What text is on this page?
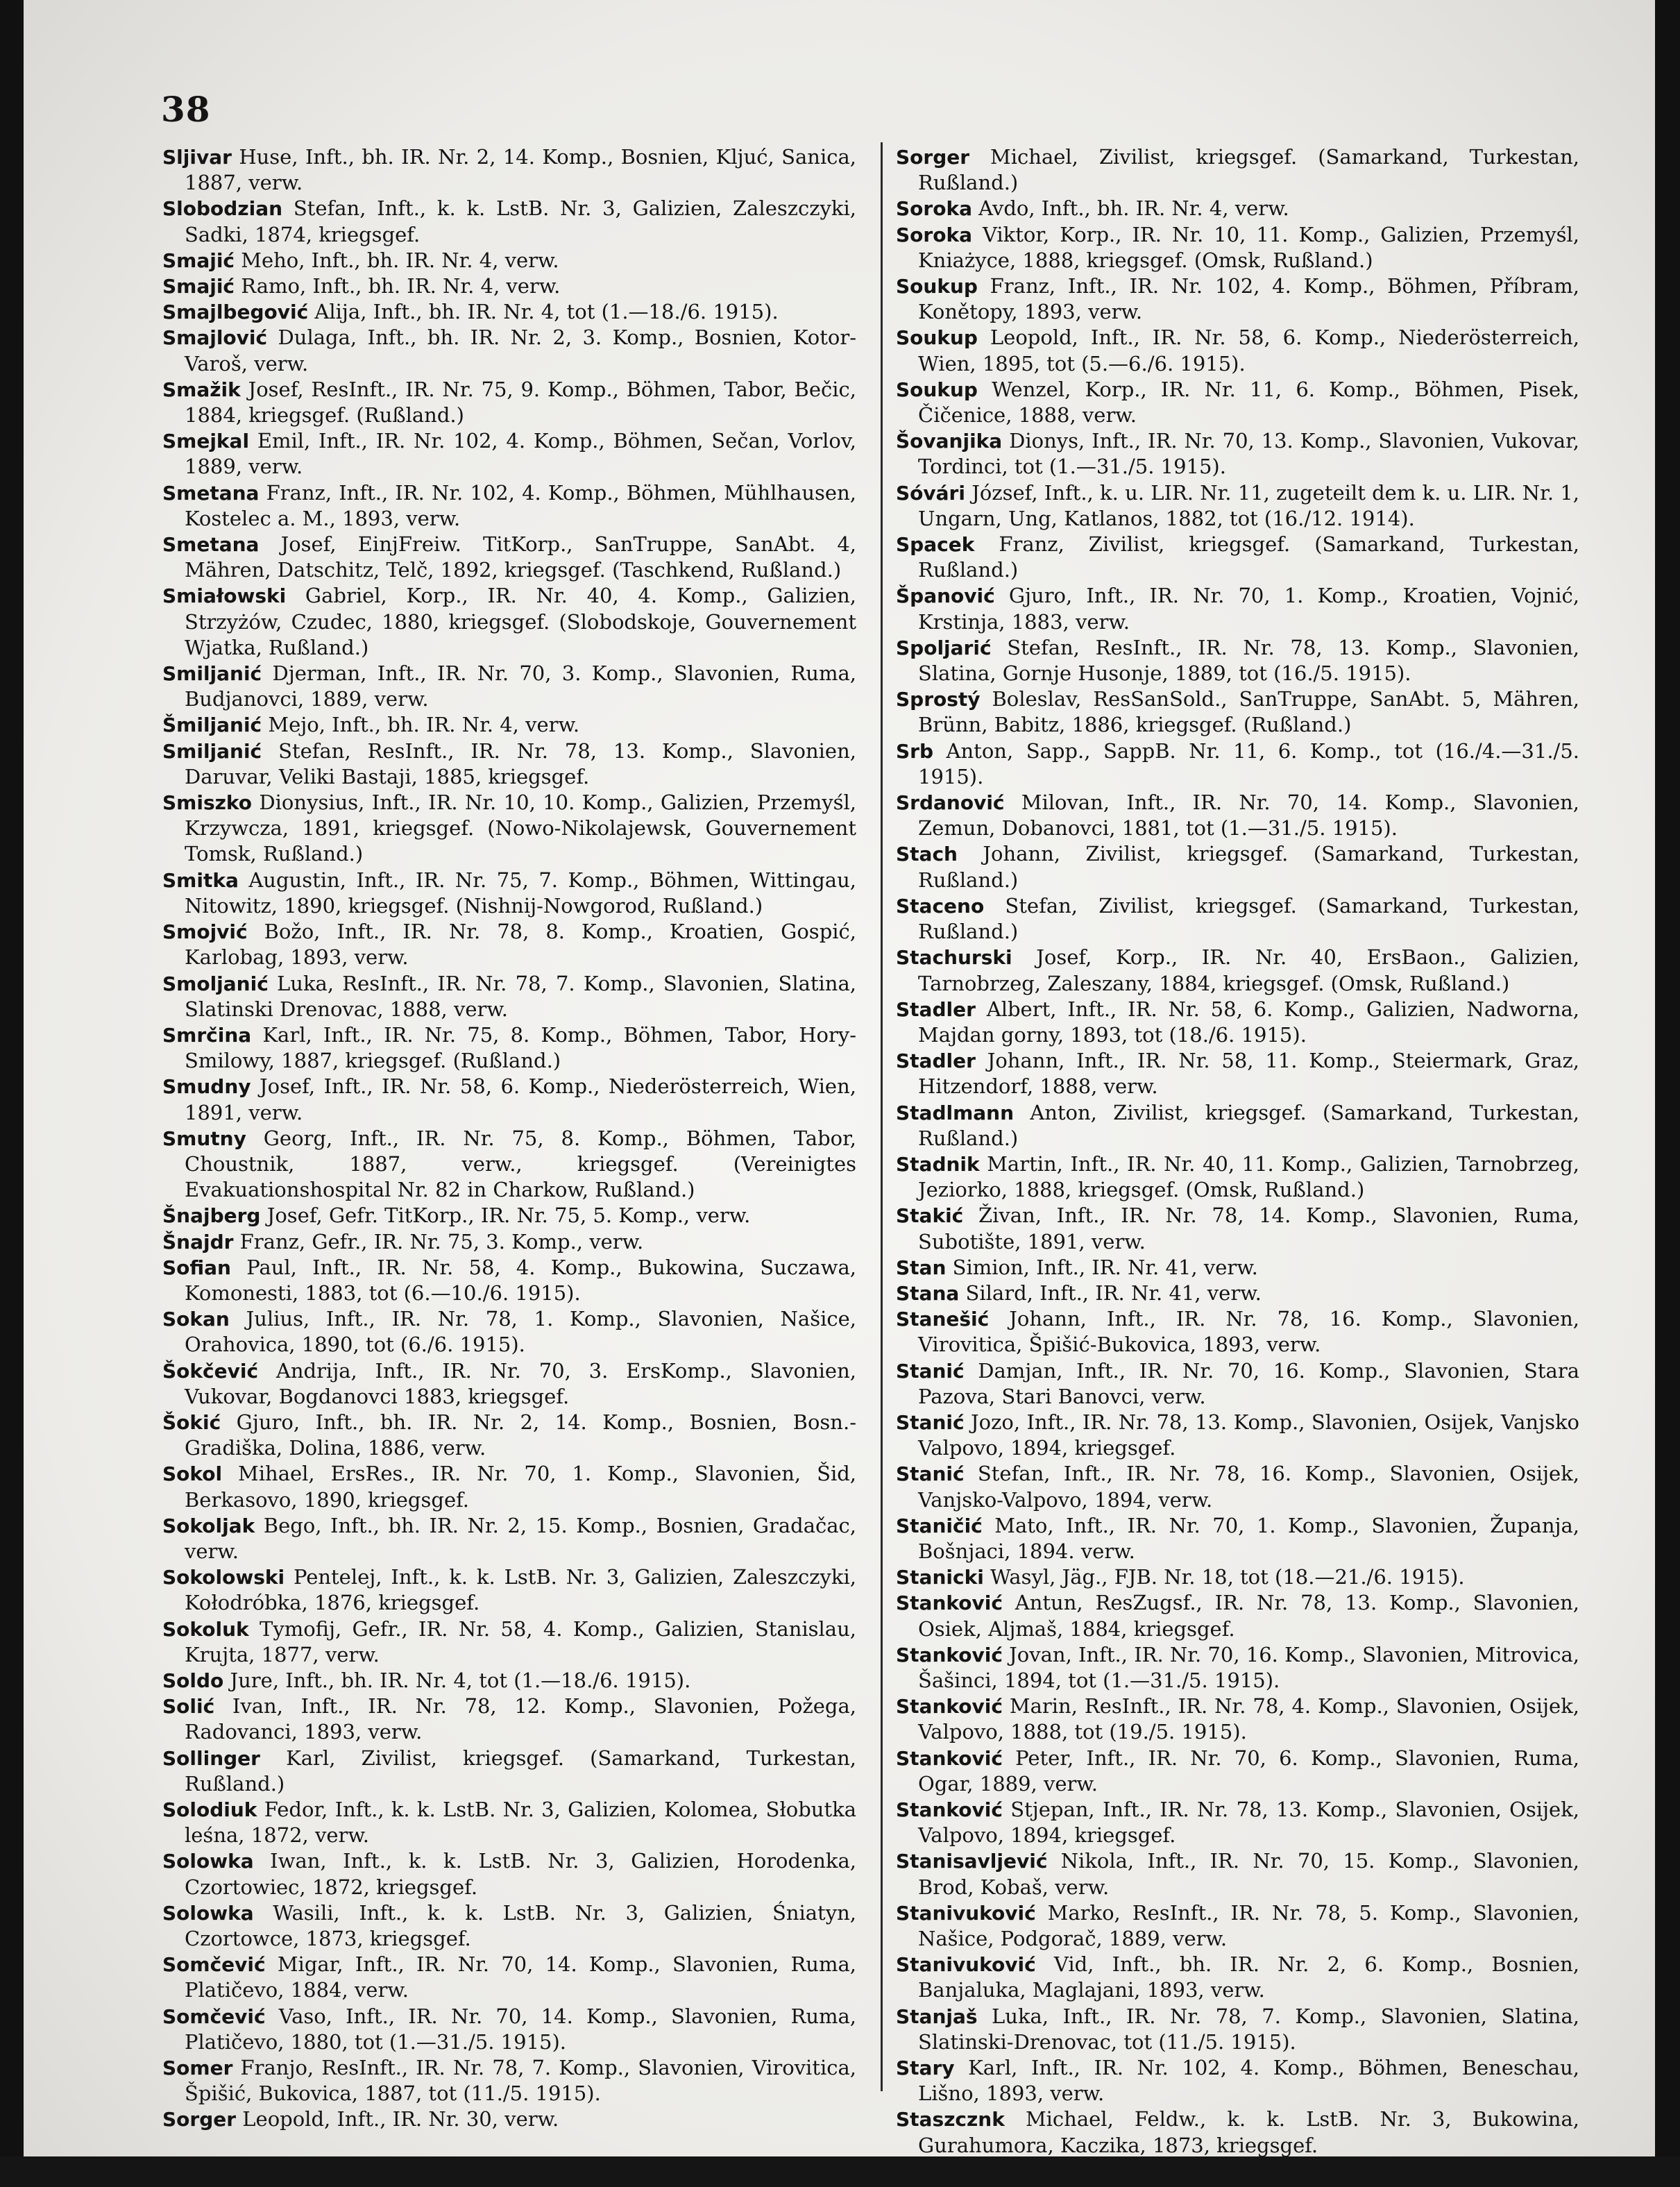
38
Sljivar Huse, Inft., bh. IR. Nr. 2, 14. Komp., Bosnien, Kljuć, Sanica, 1887, verw.
Slobodzian Stefan, Inft., k. k. LstB. Nr. 3, Galizien, Zaleszczyki, Sadki, 1874, kriegsgef.
Smajić Meho, Inft., bh. IR. Nr. 4, verw.
Smajić Ramo, Inft., bh. IR. Nr. 4, verw.
Smajlbegović Alija, Inft., bh. IR. Nr. 4, tot (1.—18./6. 1915).
Smajlović Dulaga, Inft., bh. IR. Nr. 2, 3. Komp., Bosnien, Kotor-Varoš, verw.
Smažik Josef, ResInft., IR. Nr. 75, 9. Komp., Böhmen, Tabor, Bečic, 1884, kriegsgef. (Rußland.)
Smejkal Emil, Inft., IR. Nr. 102, 4. Komp., Böhmen, Sečan, Vorlov, 1889, verw.
Smetana Franz, Inft., IR. Nr. 102, 4. Komp., Böhmen, Mühlhausen, Kostelec a. M., 1893, verw.
Smetana Josef, EinjFreiw. TitKorp., SanTruppe, SanAbt. 4, Mähren, Datschitz, Telč, 1892, kriegsgef. (Taschkend, Rußland.)
Smiałowski Gabriel, Korp., IR. Nr. 40, 4. Komp., Galizien, Strzyżów, Czudec, 1880, kriegsgef. (Slobodskoje, Gouvernement Wjatka, Rußland.)
Smiljanić Djerman, Inft., IR. Nr. 70, 3. Komp., Slavonien, Ruma, Budjanovci, 1889, verw.
Šmiljanić Mejo, Inft., bh. IR. Nr. 4, verw.
Smiljanić Stefan, ResInft., IR. Nr. 78, 13. Komp., Slavonien, Daruvar, Veliki Bastaji, 1885, kriegsgef.
Smiszko Dionysius, Inft., IR. Nr. 10, 10. Komp., Galizien, Przemyśl, Krzywcza, 1891, kriegsgef. (Nowo-Nikolajewsk, Gouvernement Tomsk, Rußland.)
Smitka Augustin, Inft., IR. Nr. 75, 7. Komp., Böhmen, Wittingau, Nitowitz, 1890, kriegsgef. (Nishnij-Nowgorod, Rußland.)
Smojvić Božo, Inft., IR. Nr. 78, 8. Komp., Kroatien, Gospić, Karlobag, 1893, verw.
Smoljanić Luka, ResInft., IR. Nr. 78, 7. Komp., Slavonien, Slatina, Slatinski Drenovac, 1888, verw.
Smrčina Karl, Inft., IR. Nr. 75, 8. Komp., Böhmen, Tabor, Hory-Smilowy, 1887, kriegsgef. (Rußland.)
Smudny Josef, Inft., IR. Nr. 58, 6. Komp., Niederösterreich, Wien, 1891, verw.
Smutny Georg, Inft., IR. Nr. 75, 8. Komp., Böhmen, Tabor, Choustnik, 1887, verw., kriegsgef. (Vereinigtes Evakuationshospital Nr. 82 in Charkow, Rußland.)
Šnajberg Josef, Gefr. TitKorp., IR. Nr. 75, 5. Komp., verw.
Šnajdr Franz, Gefr., IR. Nr. 75, 3. Komp., verw.
Sofian Paul, Inft., IR. Nr. 58, 4. Komp., Bukowina, Suczawa, Komonesti, 1883, tot (6.—10./6. 1915).
Sokan Julius, Inft., IR. Nr. 78, 1. Komp., Slavonien, Našice, Orahovica, 1890, tot (6./6. 1915).
Šokčević Andrija, Inft., IR. Nr. 70, 3. ErsKomp., Slavonien, Vukovar, Bogdanovci 1883, kriegsgef.
Šokić Gjuro, Inft., bh. IR. Nr. 2, 14. Komp., Bosnien, Bosn.-Gradiška, Dolina, 1886, verw.
Sokol Mihael, ErsRes., IR. Nr. 70, 1. Komp., Slavonien, Šid, Berkasovo, 1890, kriegsgef.
Sokoljak Bego, Inft., bh. IR. Nr. 2, 15. Komp., Bosnien, Gradačac, verw.
Sokolowski Pentelej, Inft., k. k. LstB. Nr. 3, Galizien, Zaleszczyki, Kołodróbka, 1876, kriegsgef.
Sokoluk Tymofij, Gefr., IR. Nr. 58, 4. Komp., Galizien, Stanislau, Krujta, 1877, verw.
Soldo Jure, Inft., bh. IR. Nr. 4, tot (1.—18./6. 1915).
Solić Ivan, Inft., IR. Nr. 78, 12. Komp., Slavonien, Požega, Radovanci, 1893, verw.
Sollinger Karl, Zivilist, kriegsgef. (Samarkand, Turkestan, Rußland.)
Solodiuk Fedor, Inft., k. k. LstB. Nr. 3, Galizien, Kolomea, Słobutka leśna, 1872, verw.
Solowka Iwan, Inft., k. k. LstB. Nr. 3, Galizien, Horodenka, Czortowiec, 1872, kriegsgef.
Solowka Wasili, Inft., k. k. LstB. Nr. 3, Galizien, Śniatyn, Czortowce, 1873, kriegsgef.
Somčević Migar, Inft., IR. Nr. 70, 14. Komp., Slavonien, Ruma, Platičevo, 1884, verw.
Somčević Vaso, Inft., IR. Nr. 70, 14. Komp., Slavonien, Ruma, Platičevo, 1880, tot (1.—31./5. 1915).
Somer Franjo, ResInft., IR. Nr. 78, 7. Komp., Slavonien, Virovitica, Špišić, Bukovica, 1887, tot (11./5. 1915).
Sorger Leopold, Inft., IR. Nr. 30, verw.
Sorger Michael, Zivilist, kriegsgef. (Samarkand, Turkestan, Rußland.)
Soroka Avdo, Inft., bh. IR. Nr. 4, verw.
Soroka Viktor, Korp., IR. Nr. 10, 11. Komp., Galizien, Przemyśl, Kniażyce, 1888, kriegsgef. (Omsk, Rußland.)
Soukup Franz, Inft., IR. Nr. 102, 4. Komp., Böhmen, Příbram, Konětopy, 1893, verw.
Soukup Leopold, Inft., IR. Nr. 58, 6. Komp., Niederösterreich, Wien, 1895, tot (5.—6./6. 1915).
Soukup Wenzel, Korp., IR. Nr. 11, 6. Komp., Böhmen, Pisek, Čičenice, 1888, verw.
Šovanjika Dionys, Inft., IR. Nr. 70, 13. Komp., Slavonien, Vukovar, Tordinci, tot (1.—31./5. 1915).
Sóvári József, Inft., k. u. LIR. Nr. 11, zugeteilt dem k. u. LIR. Nr. 1, Ungarn, Ung, Katlanos, 1882, tot (16./12. 1914).
Spacek Franz, Zivilist, kriegsgef. (Samarkand, Turkestan, Rußland.)
Španović Gjuro, Inft., IR. Nr. 70, 1. Komp., Kroatien, Vojnić, Krstinja, 1883, verw.
Spoljarić Stefan, ResInft., IR. Nr. 78, 13. Komp., Slavonien, Slatina, Gornje Husonje, 1889, tot (16./5. 1915).
Sprostý Boleslav, ResSanSold., SanTruppe, SanAbt. 5, Mähren, Brünn, Babitz, 1886, kriegsgef. (Rußland.)
Srb Anton, Sapp., SappB. Nr. 11, 6. Komp., tot (16./4.—31./5. 1915).
Srdanović Milovan, Inft., IR. Nr. 70, 14. Komp., Slavonien, Zemun, Dobanovci, 1881, tot (1.—31./5. 1915).
Stach Johann, Zivilist, kriegsgef. (Samarkand, Turkestan, Rußland.)
Staceno Stefan, Zivilist, kriegsgef. (Samarkand, Turkestan, Rußland.)
Stachurski Josef, Korp., IR. Nr. 40, ErsBaon., Galizien, Tarnobrzeg, Zaleszany, 1884, kriegsgef. (Omsk, Rußland.)
Stadler Albert, Inft., IR. Nr. 58, 6. Komp., Galizien, Nadworna, Majdan gorny, 1893, tot (18./6. 1915).
Stadler Johann, Inft., IR. Nr. 58, 11. Komp., Steiermark, Graz, Hitzendorf, 1888, verw.
Stadlmann Anton, Zivilist, kriegsgef. (Samarkand, Turkestan, Rußland.)
Stadnik Martin, Inft., IR. Nr. 40, 11. Komp., Galizien, Tarnobrzeg, Jeziorko, 1888, kriegsgef. (Omsk, Rußland.)
Stakić Živan, Inft., IR. Nr. 78, 14. Komp., Slavonien, Ruma, Subotište, 1891, verw.
Stan Simion, Inft., IR. Nr. 41, verw.
Stana Silard, Inft., IR. Nr. 41, verw.
Stanešić Johann, Inft., IR. Nr. 78, 16. Komp., Slavonien, Virovitica, Špišić-Bukovica, 1893, verw.
Stanić Damjan, Inft., IR. Nr. 70, 16. Komp., Slavonien, Stara Pazova, Stari Banovci, verw.
Stanić Jozo, Inft., IR. Nr. 78, 13. Komp., Slavonien, Osijek, Vanjsko Valpovo, 1894, kriegsgef.
Stanić Stefan, Inft., IR. Nr. 78, 16. Komp., Slavonien, Osijek, Vanjsko-Valpovo, 1894, verw.
Staničić Mato, Inft., IR. Nr. 70, 1. Komp., Slavonien, Županja, Bošnjaci, 1894. verw.
Stanicki Wasyl, Jäg., FJB. Nr. 18, tot (18.—21./6. 1915).
Stanković Antun, ResZugsf., IR. Nr. 78, 13. Komp., Slavonien, Osiek, Aljmaš, 1884, kriegsgef.
Stanković Jovan, Inft., IR. Nr. 70, 16. Komp., Slavonien, Mitrovica, Šašinci, 1894, tot (1.—31./5. 1915).
Stanković Marin, ResInft., IR. Nr. 78, 4. Komp., Slavonien, Osijek, Valpovo, 1888, tot (19./5. 1915).
Stanković Peter, Inft., IR. Nr. 70, 6. Komp., Slavonien, Ruma, Ogar, 1889, verw.
Stanković Stjepan, Inft., IR. Nr. 78, 13. Komp., Slavonien, Osijek, Valpovo, 1894, kriegsgef.
Stanisavljević Nikola, Inft., IR. Nr. 70, 15. Komp., Slavonien, Brod, Kobaš, verw.
Stanivuković Marko, ResInft., IR. Nr. 78, 5. Komp., Slavonien, Našice, Podgorač, 1889, verw.
Stanivuković Vid, Inft., bh. IR. Nr. 2, 6. Komp., Bosnien, Banjaluka, Maglajani, 1893, verw.
Stanjaš Luka, Inft., IR. Nr. 78, 7. Komp., Slavonien, Slatina, Slatinski-Drenovac, tot (11./5. 1915).
Stary Karl, Inft., IR. Nr. 102, 4. Komp., Böhmen, Beneschau, Lišno, 1893, verw.
Staszcznk Michael, Feldw., k. k. LstB. Nr. 3, Bukowina, Gurahumora, Kaczika, 1873, kriegsgef.
